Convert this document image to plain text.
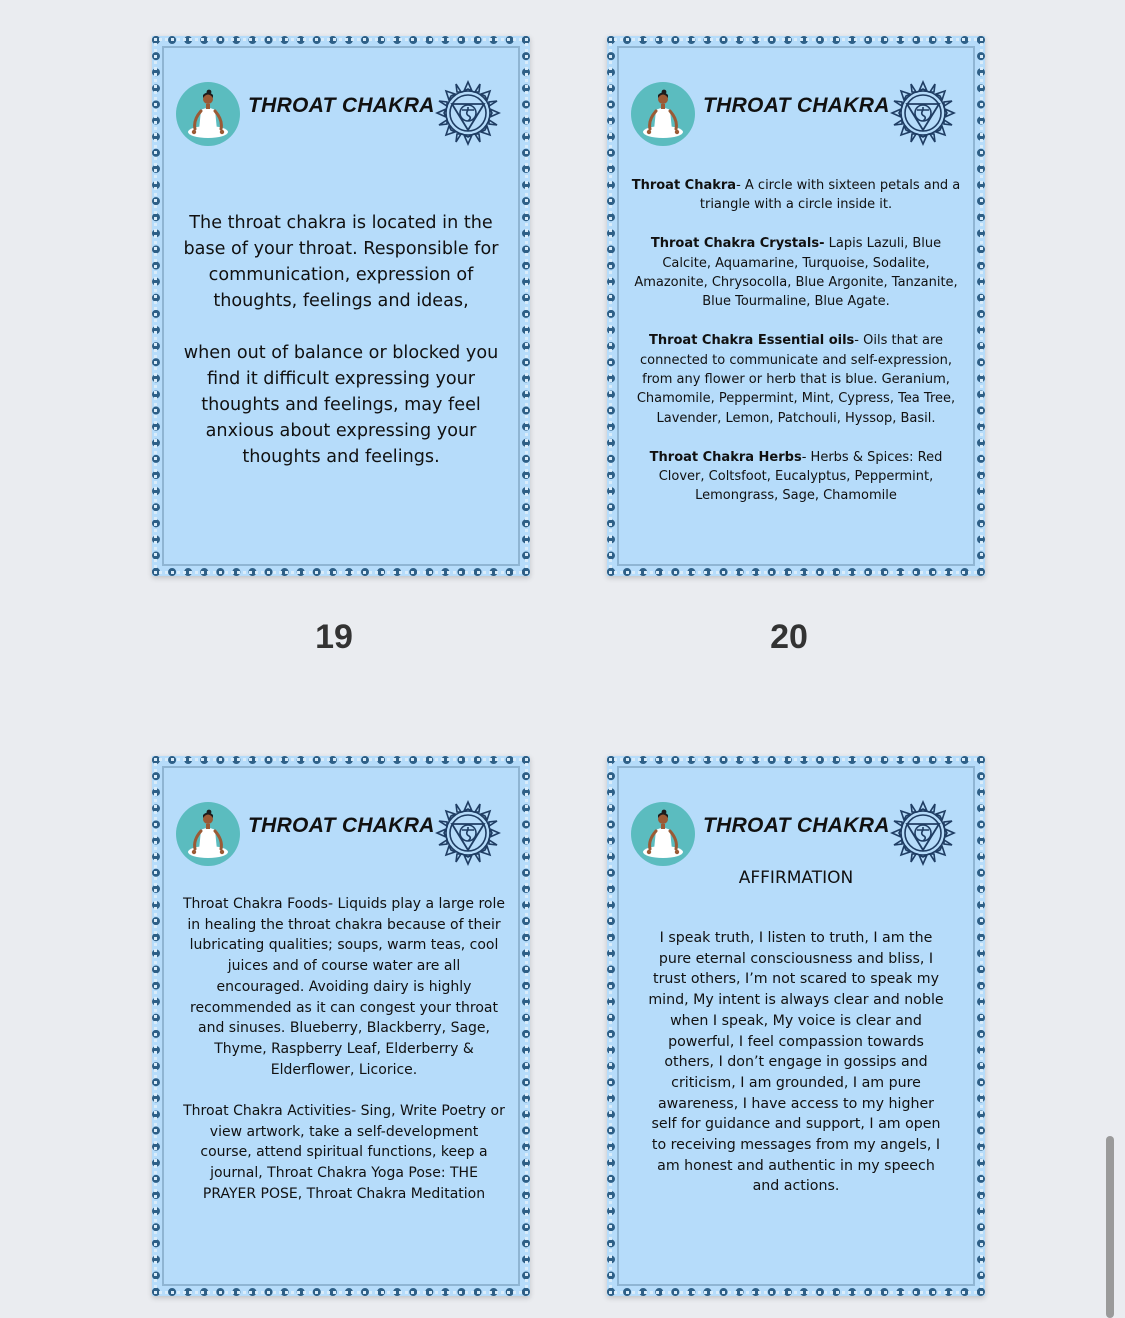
THROAT CHAKRA

The throat chakra is located in the base of your throat. Responsible for communication, expression of thoughts, feelings and ideas,

when out of balance or blocked you find it difficult expressing your thoughts and feelings, may feel anxious about expressing your thoughts and feelings.

THROAT CHAKRA

Throat Chakra- A circle with sixteen petals and a triangle with a circle inside it.

Throat Chakra Crystals- Lapis Lazuli, Blue Calcite, Aquamarine, Turquoise, Sodalite, Amazonite, Chrysocolla, Blue Argonite, Tanzanite, Blue Tourmaline, Blue Agate.

Throat Chakra Essential oils- Oils that are connected to communicate and self-expression, from any flower or herb that is blue. Geranium, Chamomile, Peppermint, Mint, Cypress, Tea Tree, Lavender, Lemon, Patchouli, Hyssop, Basil.

Throat Chakra Herbs- Herbs & Spices: Red Clover, Coltsfoot, Eucalyptus, Peppermint, Lemongrass, Sage, Chamomile

19	20
THROAT CHAKRA

Throat Chakra Foods- Liquids play a large role in healing the throat chakra because of their lubricating qualities; soups, warm teas, cool juices and of course water are all encouraged. Avoiding dairy is highly recommended as it can congest your throat and sinuses. Blueberry, Blackberry, Sage, Thyme, Raspberry Leaf, Elderberry & Elderflower, Licorice.

Throat Chakra Activities- Sing, Write Poetry or view artwork, take a self-development course, attend spiritual functions, keep a journal, Throat Chakra Yoga Pose: THE PRAYER POSE, Throat Chakra Meditation

THROAT CHAKRA
AFFIRMATION

I speak truth, I listen to truth, I am the pure eternal consciousness and bliss, I trust others, I’m not scared to speak my mind, My intent is always clear and noble when I speak, My voice is clear and powerful, I feel compassion towards others, I don’t engage in gossips and criticism, I am grounded, I am pure awareness, I have access to my higher self for guidance and support, I am open to receiving messages from my angels, I am honest and authentic in my speech and actions.
